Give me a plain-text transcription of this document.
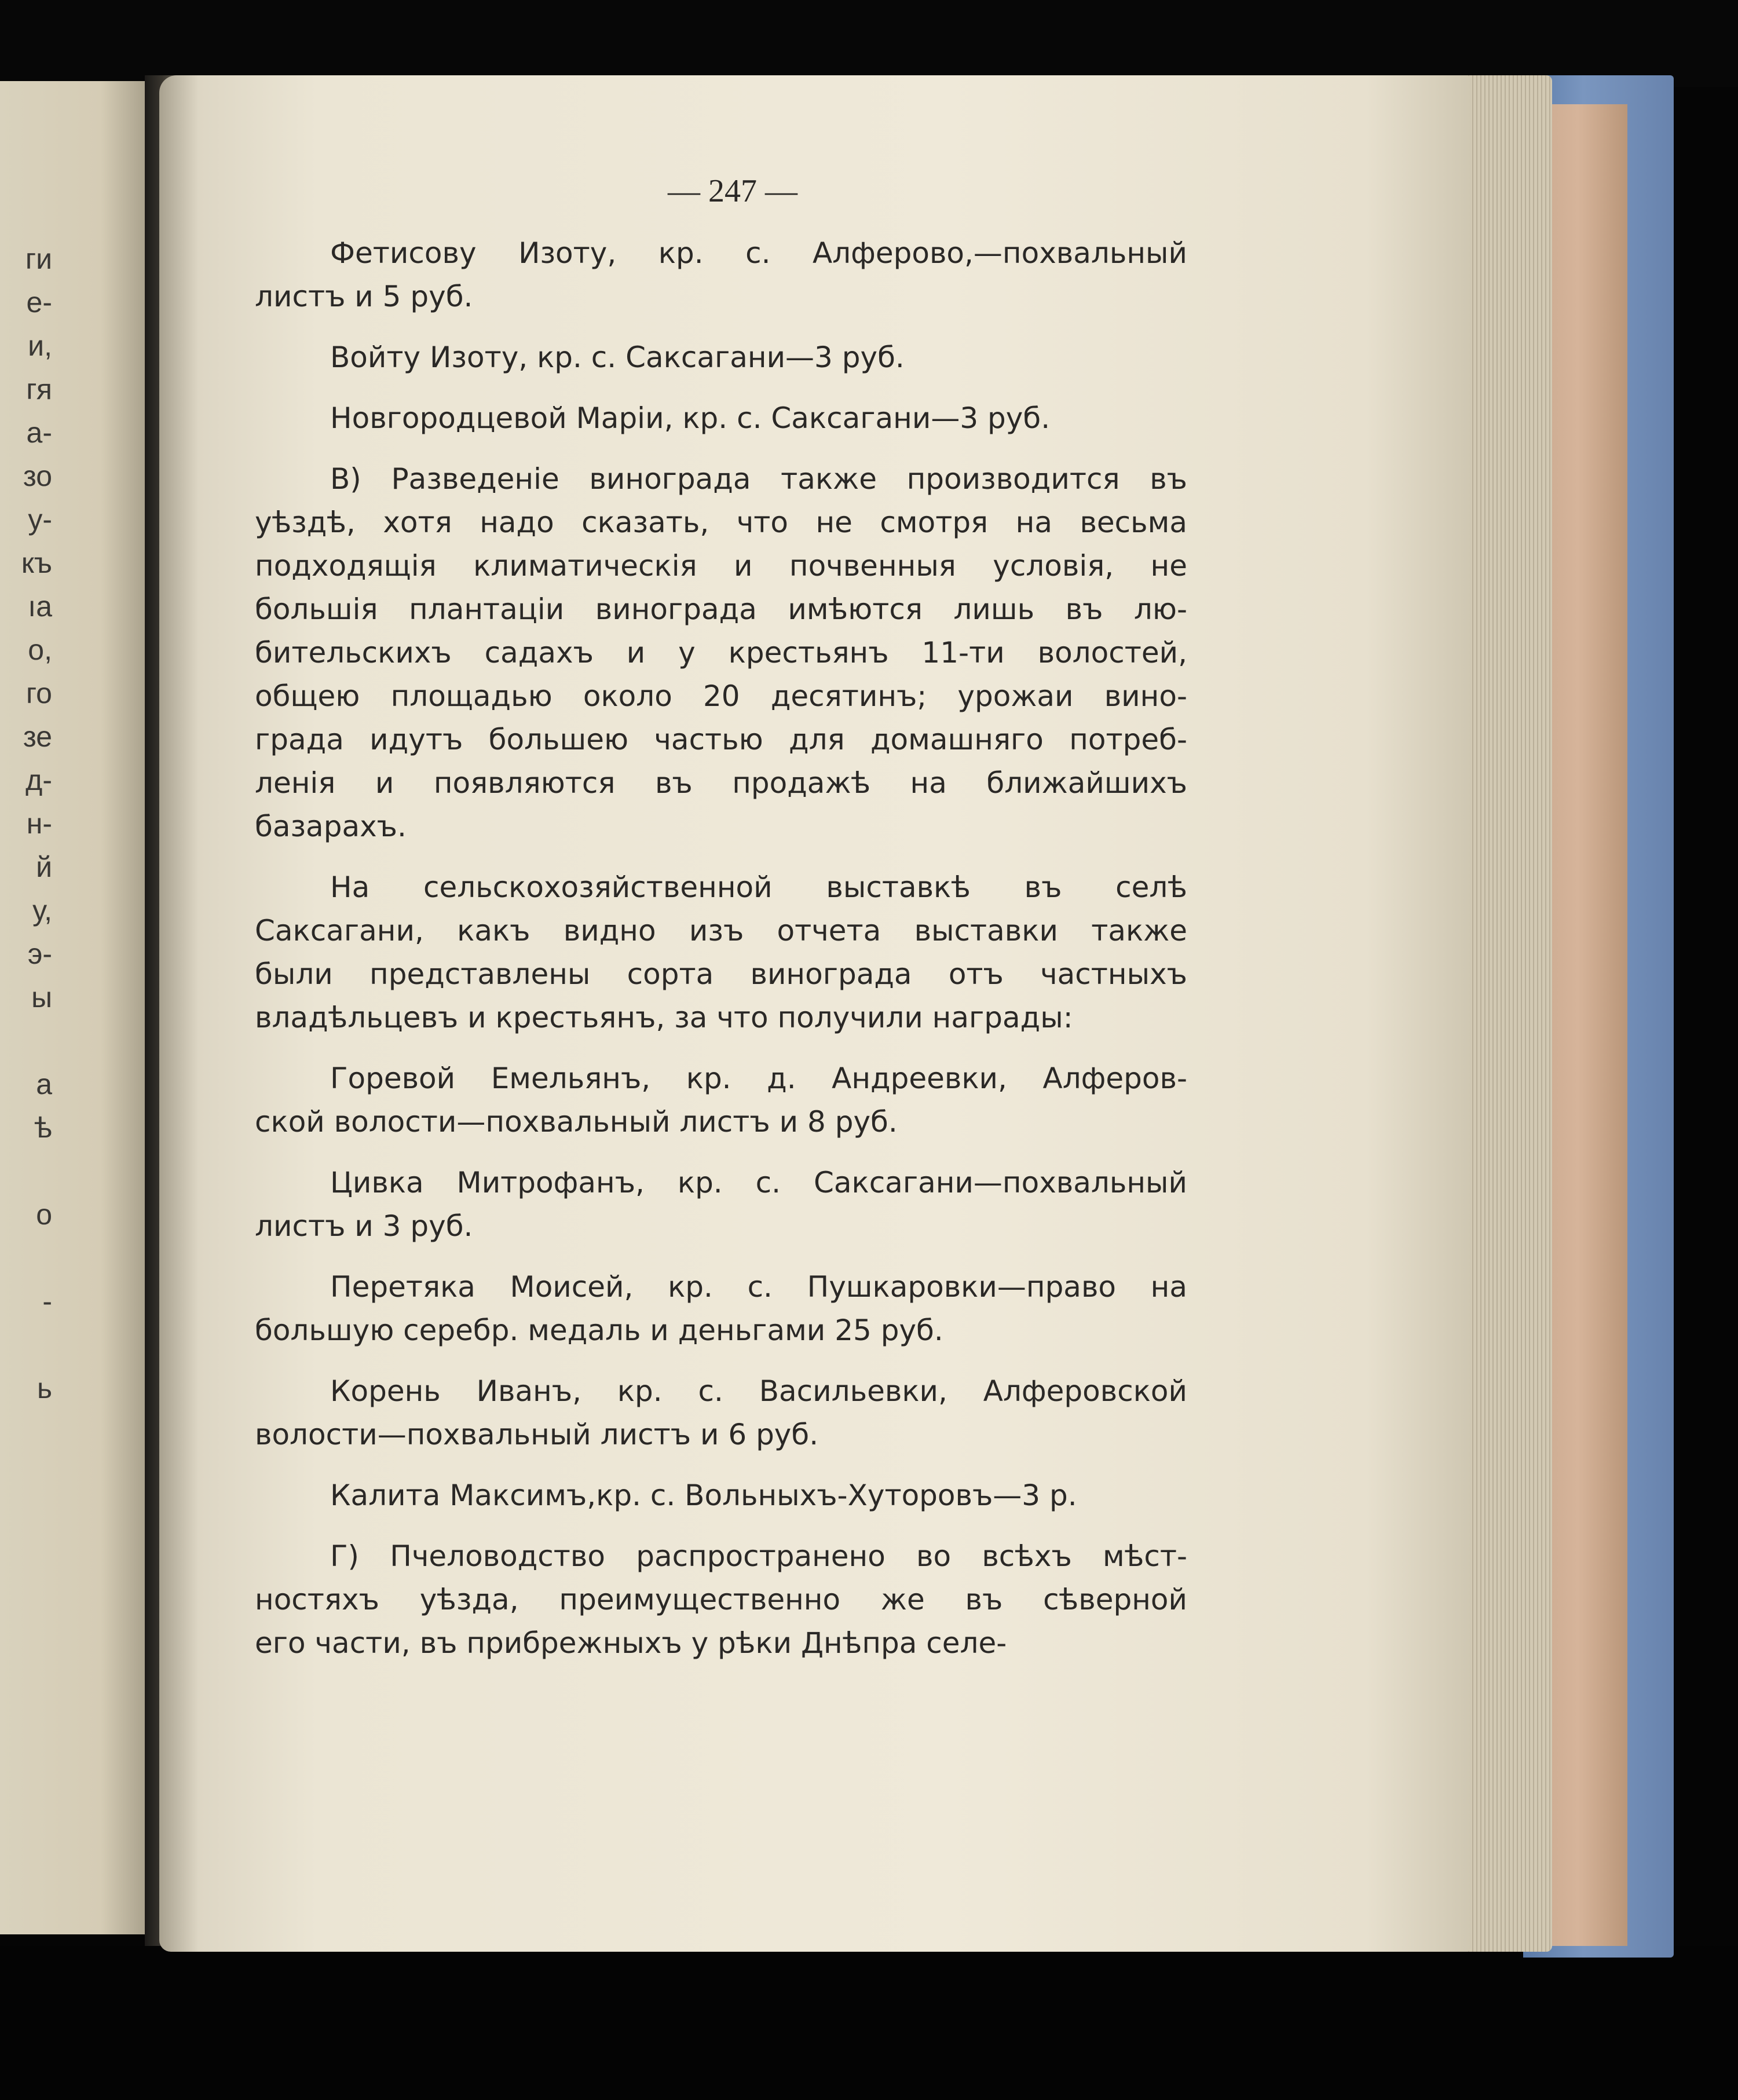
ги
е-
и,
гя
а-
зо
у-
къ
ıа
о,
го
зе
д-
н-
й
у,
э-
ы
а
ѣ
о
-
ь
— 247 —
Фетисову Изоту, кр. с. Алферово,—похвальный
листъ и 5 руб.
Войту Изоту, кр. с. Саксагани—3 руб.
Новгородцевой Маріи, кр. с. Саксагани—3 руб.
В) Разведеніе винограда также производится въ
уѣздѣ, хотя надо сказать, что не смотря на весьма
подходящія климатическія и почвенныя условія, не
большія плантаціи винограда имѣются лишь въ лю-
бительскихъ садахъ и у крестьянъ 11-ти волостей,
общею площадью около 20 десятинъ; урожаи вино-
града идутъ большею частью для домашняго потреб-
ленія и появляются въ продажѣ на ближайшихъ
базарахъ.
На сельскохозяйственной выставкѣ въ селѣ
Саксагани, какъ видно изъ отчета выставки также
были представлены сорта винограда отъ частныхъ
владѣльцевъ и крестьянъ, за что получили награды:
Горевой Емельянъ, кр. д. Андреевки, Алферов-
ской волости—похвальный листъ и 8 руб.
Цивка Митрофанъ, кр. с. Саксагани—похвальный
листъ и 3 руб.
Перетяка Моисей, кр. с. Пушкаровки—право на
большую серебр. медаль и деньгами 25 руб.
Корень Иванъ, кр. с. Васильевки, Алферовской
волости—похвальный листъ и 6 руб.
Калита Максимъ,кр. с. Вольныхъ-Хуторовъ—3 р.
Г) Пчеловодство распространено во всѣхъ мѣст-
ностяхъ уѣзда, преимущественно же въ сѣверной
его части, въ прибрежныхъ у рѣки Днѣпра селе-
